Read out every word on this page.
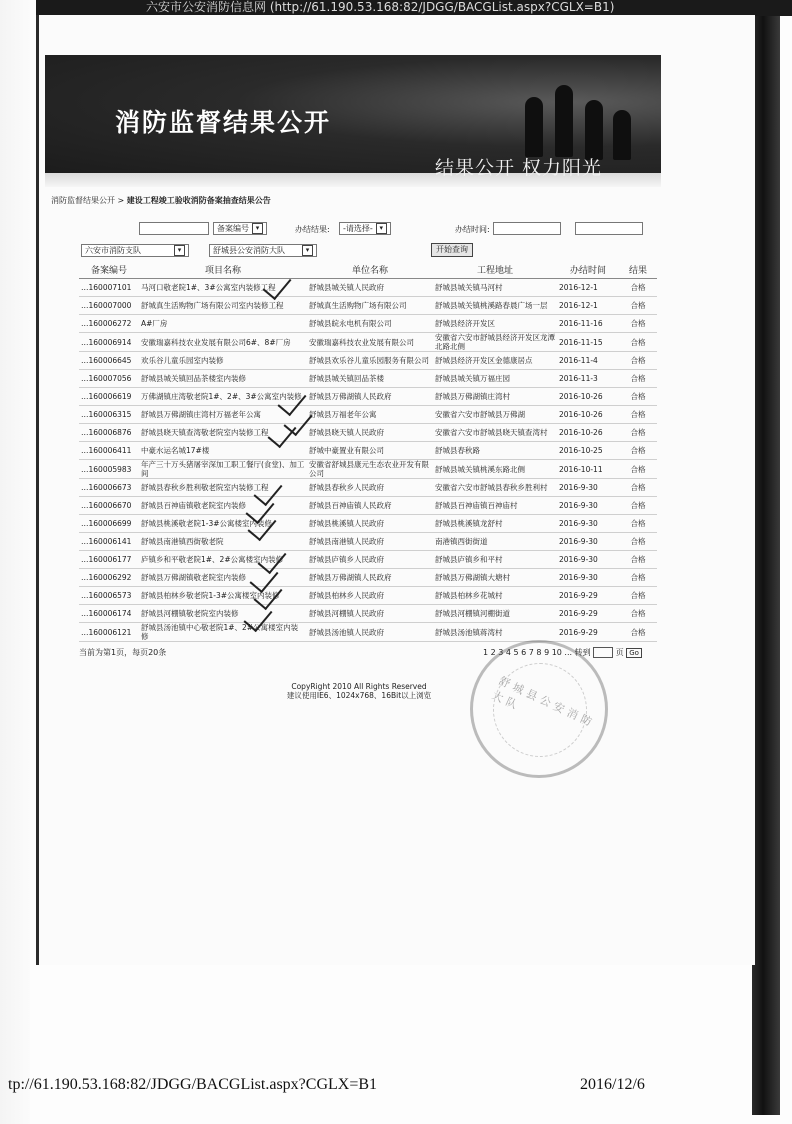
六安市公安消防信息网 (http://61.190.53.168:82/JDGG/BACGList.aspx?CGLX=B1)
消防监督结果公开
结果公开 权力阳光
消防监督结果公开 > 建设工程竣工验收消防备案抽查结果公告
备案编号 ▾	办结结果:	-请选择- ▾	办结时间:
六安市消防支队	▾	舒城县公安消防大队	▾	开始查询
备案编号	项目名称	单位名称	工程地址	办结时间	结果
…160007101	马河口敬老院1#、3#公寓室内装修工程	舒城县城关镇人民政府	舒城县城关镇马河村	2016-12-1	合格
…160007000	舒城真生活购物广场有限公司室内装修工程	舒城真生活购物广场有限公司	舒城县城关镇桃溪路春晨广场一层	2016-12-1	合格
…160006272	A#厂房	舒城县皖永电机有限公司	舒城县经济开发区	2016-11-16	合格
…160006914	安徽瑞嘉科技农业发展有限公司6#、8#厂房	安徽瑞嘉科技农业发展有限公司	安徽省六安市舒城县经济开发区龙潭北路北侧	2016-11-15	合格
…160006645	欢乐谷儿童乐园室内装修	舒城县欢乐谷儿童乐园服务有限公司	舒城县经济开发区金德康居点	2016-11-4	合格
…160007056	舒城县城关镇回品茶楼室内装修	舒城县城关镇回品茶楼	舒城县城关镇万福庄园	2016-11-3	合格
…160006619	万佛湖镇庄湾敬老院1#、2#、3#公寓室内装修	舒城县万佛湖镇人民政府	舒城县万佛湖镇庄湾村	2016-10-26	合格
…160006315	舒城县万佛湖镇庄湾村万福老年公寓	舒城县万福老年公寓	安徽省六安市舒城县万佛湖	2016-10-26	合格
…160006876	舒城县晓天镇查湾敬老院室内装修工程	舒城县晓天镇人民政府	安徽省六安市舒城县晓天镇查湾村	2016-10-26	合格
…160006411	中豪水运名城17#楼	舒城中豪置业有限公司	舒城县春秋路	2016-10-25	合格
…160005983	年产三十万头猪屠宰深加工职工餐厅(食堂)、加工间	安徽省舒城县康元生态农业开发有限公司	舒城县城关镇桃溪东路北侧	2016-10-11	合格
…160006673	舒城县春秋乡胜利敬老院室内装修工程	舒城县春秋乡人民政府	安徽省六安市舒城县春秋乡胜利村	2016-9-30	合格
…160006670	舒城县百神庙镇敬老院室内装修	舒城县百神庙镇人民政府	舒城县百神庙镇百神庙村	2016-9-30	合格
…160006699	舒城县桃溪敬老院1-3#公寓楼室内装修	舒城县桃溪镇人民政府	舒城县桃溪镇龙舒村	2016-9-30	合格
…160006141	舒城县南港镇西街敬老院	舒城县南港镇人民政府	南港镇西街街道	2016-9-30	合格
…160006177	庐镇乡和平敬老院1#、2#公寓楼室内装修	舒城县庐镇乡人民政府	舒城县庐镇乡和平村	2016-9-30	合格
…160006292	舒城县万佛湖镇敬老院室内装修	舒城县万佛湖镇人民政府	舒城县万佛湖镇大塘村	2016-9-30	合格
…160006573	舒城县柏林乡敬老院1-3#公寓楼室内装修	舒城县柏林乡人民政府	舒城县柏林乡花城村	2016-9-29	合格
…160006174	舒城县河棚镇敬老院室内装修	舒城县河棚镇人民政府	舒城县河棚镇河棚街道	2016-9-29	合格
…160006121	舒城县汤池镇中心敬老院1#、2#公寓楼室内装修	舒城县汤池镇人民政府	舒城县汤池镇蒋湾村	2016-9-29	合格
当前为第1页，每页20条	1 2 3 4 5 6 7 8 9 10 ... 转到	页 Go
CopyRight 2010 All Rights Reserved
建议使用IE6、1024x768、16Bit以上浏览	舒城县公安消防大队
tp://61.190.53.168:82/JDGG/BACGList.aspx?CGLX=B1	2016/12/6
